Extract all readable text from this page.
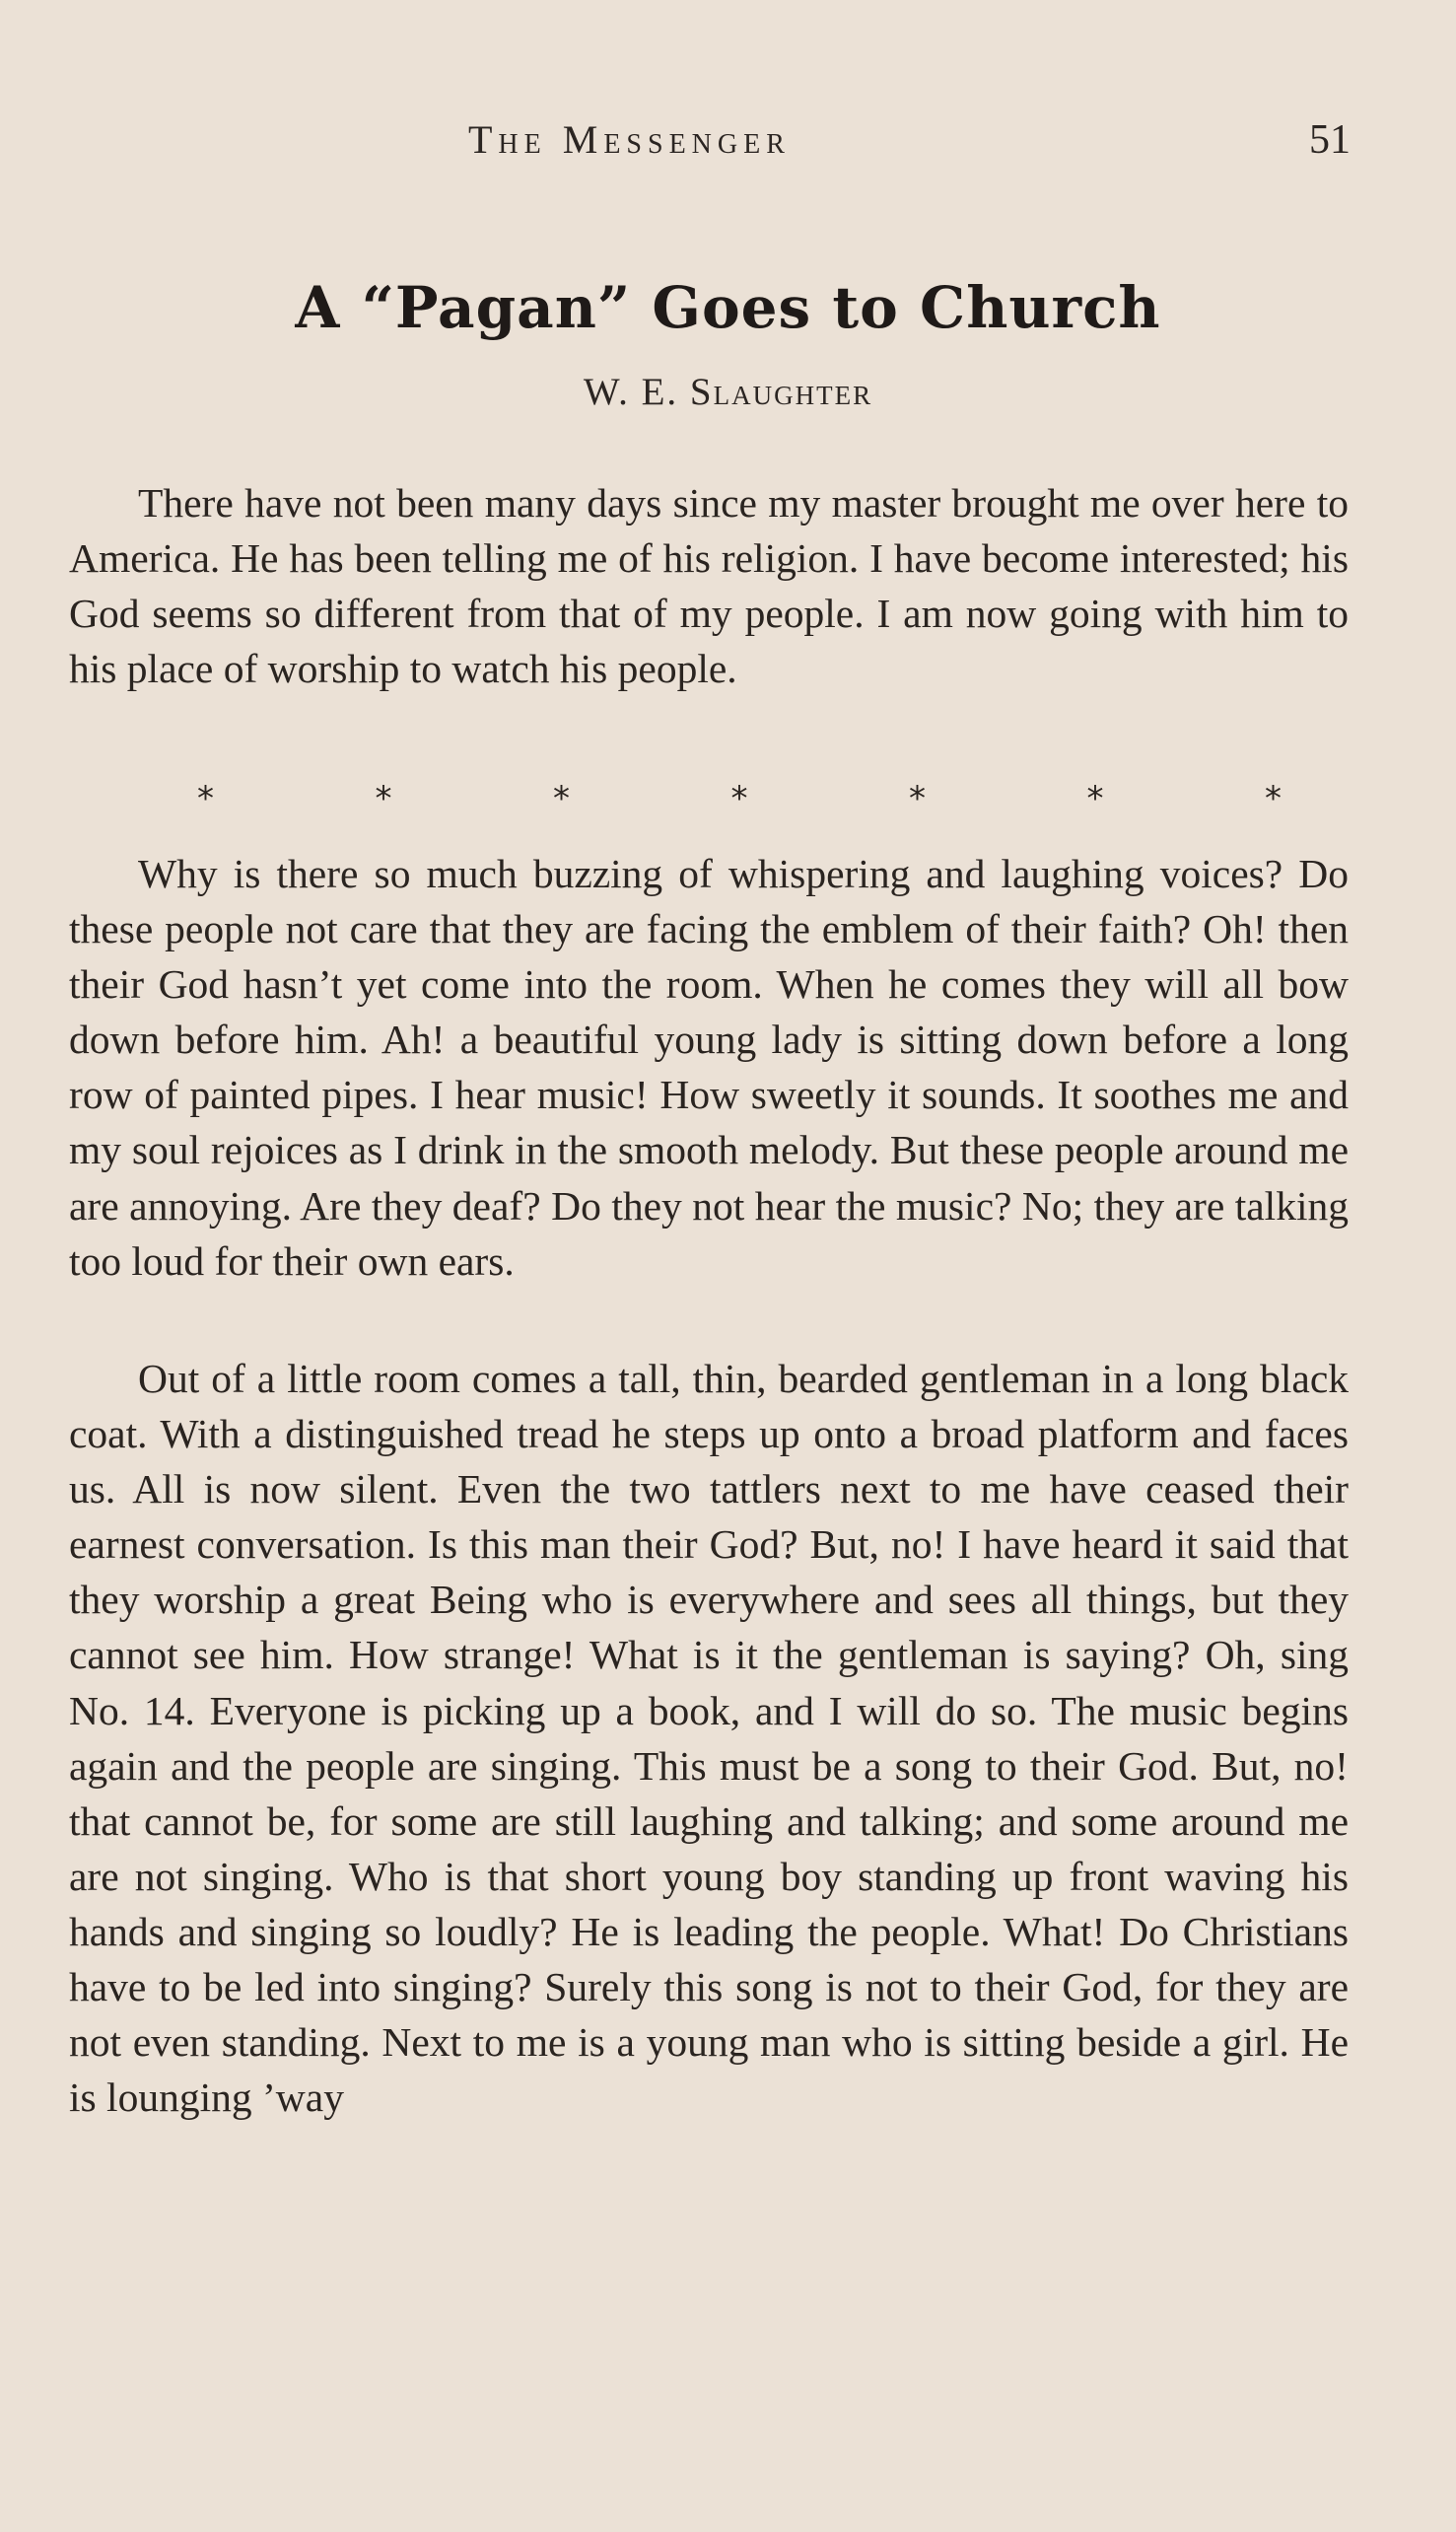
The Messenger	51
A “Pagan” Goes to Church
W. E. Slaughter

There have not been many days since my master brought me over here to America. He has been telling me of his religion. I have become interested; his God seems so different from that of my people. I am now going with him to his place of worship to watch his people.

*	*	*	*	*	*	*

Why is there so much buzzing of whispering and laughing voices? Do these people not care that they are facing the emblem of their faith? Oh! then their God hasn’t yet come into the room. When he comes they will all bow down before him. Ah! a beautiful young lady is sitting down before a long row of painted pipes. I hear music! How sweetly it sounds. It soothes me and my soul rejoices as I drink in the smooth melody. But these people around me are annoying. Are they deaf? Do they not hear the music? No; they are talking too loud for their own ears.

Out of a little room comes a tall, thin, bearded gentleman in a long black coat. With a distinguished tread he steps up onto a broad platform and faces us. All is now silent. Even the two tattlers next to me have ceased their earnest conversation. Is this man their God? But, no! I have heard it said that they worship a great Being who is everywhere and sees all things, but they cannot see him. How strange! What is it the gentleman is saying? Oh, sing No. 14. Everyone is picking up a book, and I will do so. The music begins again and the people are singing. This must be a song to their God. But, no! that cannot be, for some are still laughing and talking; and some around me are not singing. Who is that short young boy standing up front waving his hands and singing so loudly? He is leading the people. What! Do Christians have to be led into singing? Surely this song is not to their God, for they are not even standing. Next to me is a young man who is sitting beside a girl. He is lounging ’way
